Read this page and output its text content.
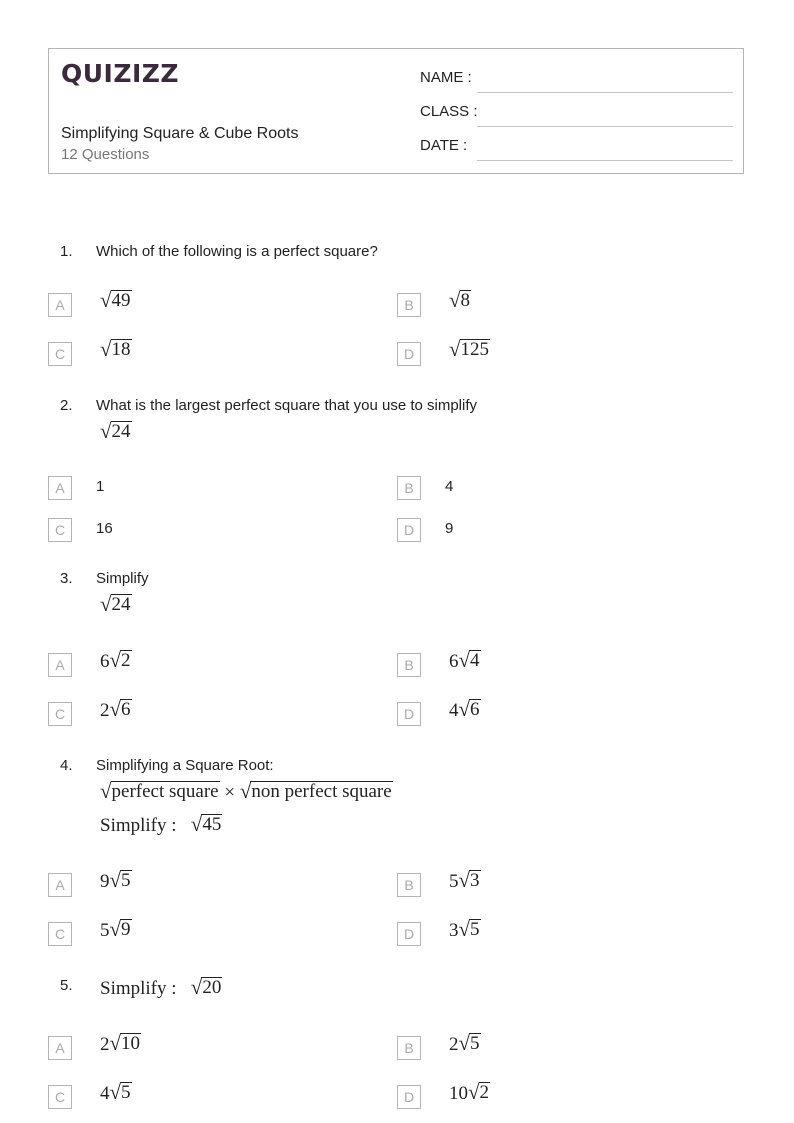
QUIZIZZ
Simplifying Square & Cube Roots
12 Questions
NAME :
CLASS :
DATE :
1. Which of the following is a perfect square?
A	√ 49	B	√ 8
C	√ 18	D	√ 125
2. What is the largest perfect square that you use to simplify
√ 24
A	1	B	4
C	16	D	9
3. Simplify
√ 24
A	6 √ 2	B	6 √ 4
C	2 √ 6	D	4 √ 6
4. Simplifying a Square Root:
√ perfect square × √ non perfect square
Simplify : √ 45
A	9 √ 5	B	5 √ 3
C	5 √ 9	D	3 √ 5
5. Simplify : √ 20
A	2 √ 10	B	2 √ 5
C	4 √ 5	D	10 √ 2
